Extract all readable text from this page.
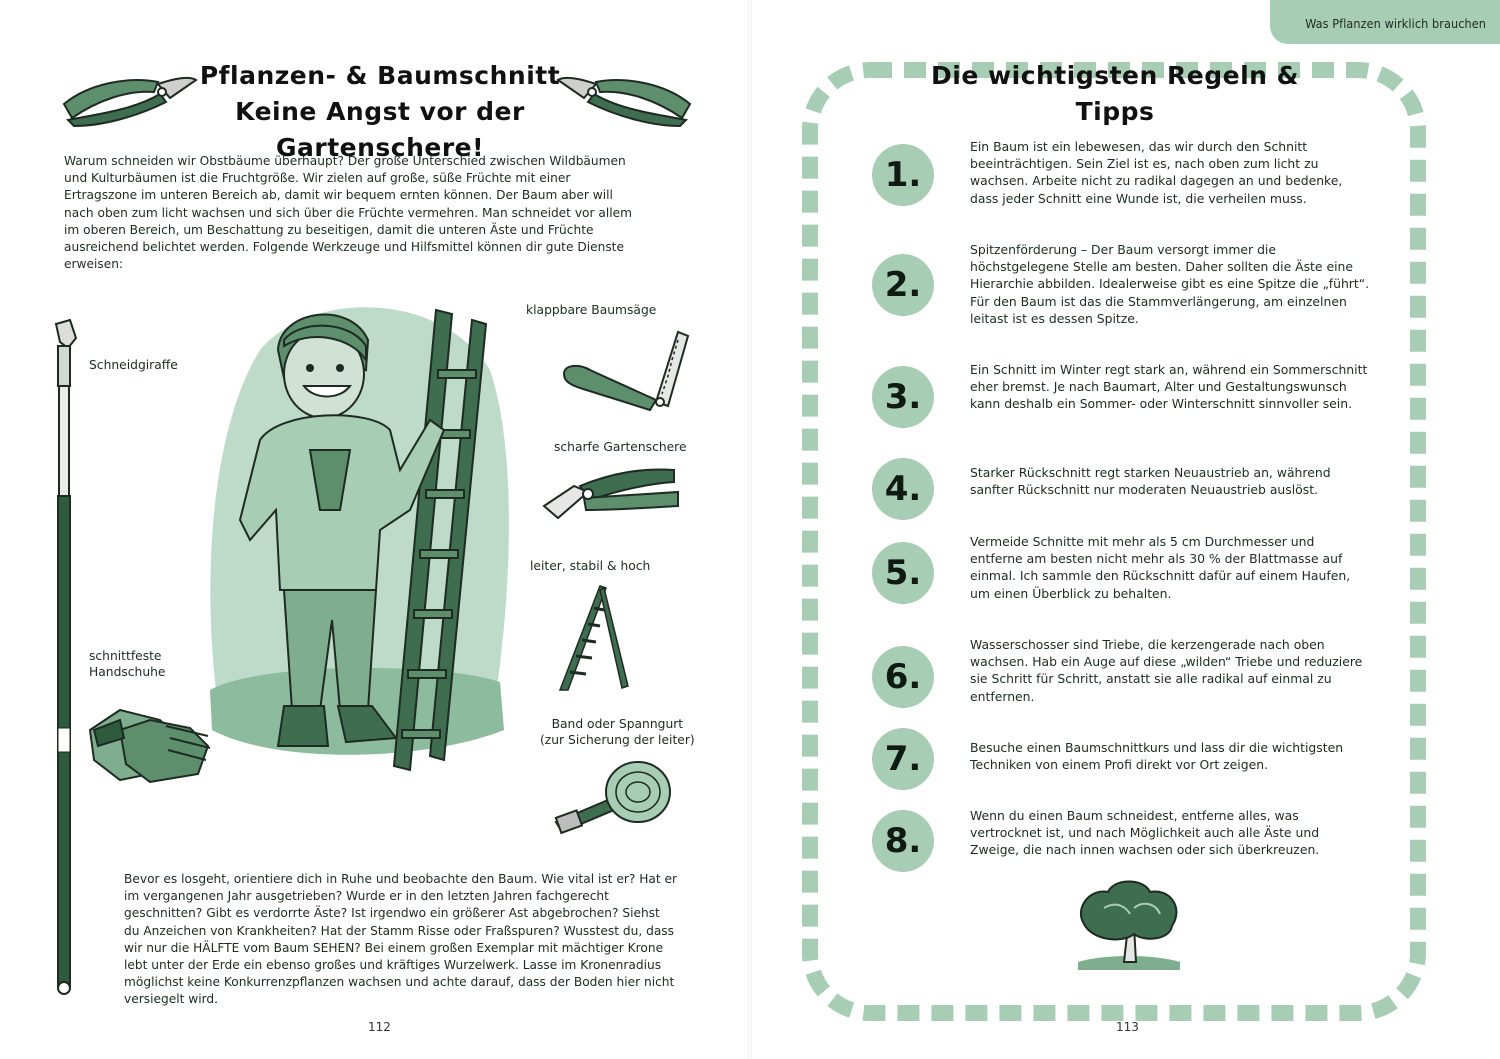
Pflanzen- & Baumschnitt
Keine Angst vor der Gartenschere!

Warum schneiden wir Obstbäume überhaupt? Der große Unterschied zwischen Wildbäumen und Kulturbäumen ist die Fruchtgröße. Wir zielen auf große, süße Früchte mit einer Ertragszone im unteren Bereich ab, damit wir bequem ernten können. Der Baum aber will nach oben zum licht wachsen und sich über die Früchte vermehren. Man schneidet vor allem im oberen Bereich, um Beschattung zu beseitigen, damit die unteren Äste und Früchte ausreichend belichtet werden. Folgende Werkzeuge und Hilfsmittel können dir gute Dienste erweisen:

Schneidgiraffe
schnittfeste
Handschuhe
klappbare Baumsäge
scharfe Gartenschere
leiter, stabil & hoch
Band oder Spanngurt
(zur Sicherung der leiter)

Bevor es losgeht, orientiere dich in Ruhe und beobachte den Baum. Wie vital ist er? Hat er im vergangenen Jahr ausgetrieben? Wurde er in den letzten Jahren fachgerecht geschnitten? Gibt es verdorrte Äste? Ist irgendwo ein größerer Ast abgebrochen? Siehst du Anzeichen von Krankheiten? Hat der Stamm Risse oder Fraßspuren? Wusstest du, dass wir nur die HÄLFTE vom Baum SEHEN? Bei einem großen Exemplar mit mächtiger Krone lebt unter der Erde ein ebenso großes und kräftiges Wurzelwerk. Lasse im Kronenradius möglichst keine Konkurrenzpflanzen wachsen und achte darauf, dass der Boden hier nicht versiegelt wird.

112
Was Pflanzen wirklich brauchen
Die wichtigsten Regeln & Tipps
1.

Ein Baum ist ein lebewesen, das wir durch den Schnitt beeinträchtigen. Sein Ziel ist es, nach oben zum licht zu wachsen. Arbeite nicht zu radikal dagegen an und bedenke, dass jeder Schnitt eine Wunde ist, die verheilen muss.

2.

Spitzenförderung – Der Baum versorgt immer die höchstgelegene Stelle am besten. Daher sollten die Äste eine Hierarchie abbilden. Idealerweise gibt es eine Spitze die „führt“. Für den Baum ist das die Stammverlängerung, am einzelnen leitast ist es dessen Spitze.

3.

Ein Schnitt im Winter regt stark an, während ein Sommerschnitt eher bremst. Je nach Baumart, Alter und Gestaltungswunsch kann deshalb ein Sommer- oder Winterschnitt sinnvoller sein.

4.	Starker Rückschnitt regt starken Neuaustrieb an, während sanfter Rückschnitt nur moderaten Neuaustrieb auslöst.

5.

Vermeide Schnitte mit mehr als 5 cm Durchmesser und entferne am besten nicht mehr als 30 % der Blattmasse auf einmal. Ich sammle den Rückschnitt dafür auf einem Haufen, um einen Überblick zu behalten.

6.

Wasserschosser sind Triebe, die kerzengerade nach oben wachsen. Hab ein Auge auf diese „wilden“ Triebe und reduziere sie Schritt für Schritt, anstatt sie alle radikal auf einmal zu entfernen.

7.	Besuche einen Baumschnittkurs und lass dir die wichtigsten Techniken von einem Profi direkt vor Ort zeigen.

8.

Wenn du einen Baum schneidest, entferne alles, was vertrocknet ist, und nach Möglichkeit auch alle Äste und Zweige, die nach innen wachsen oder sich überkreuzen.

113
